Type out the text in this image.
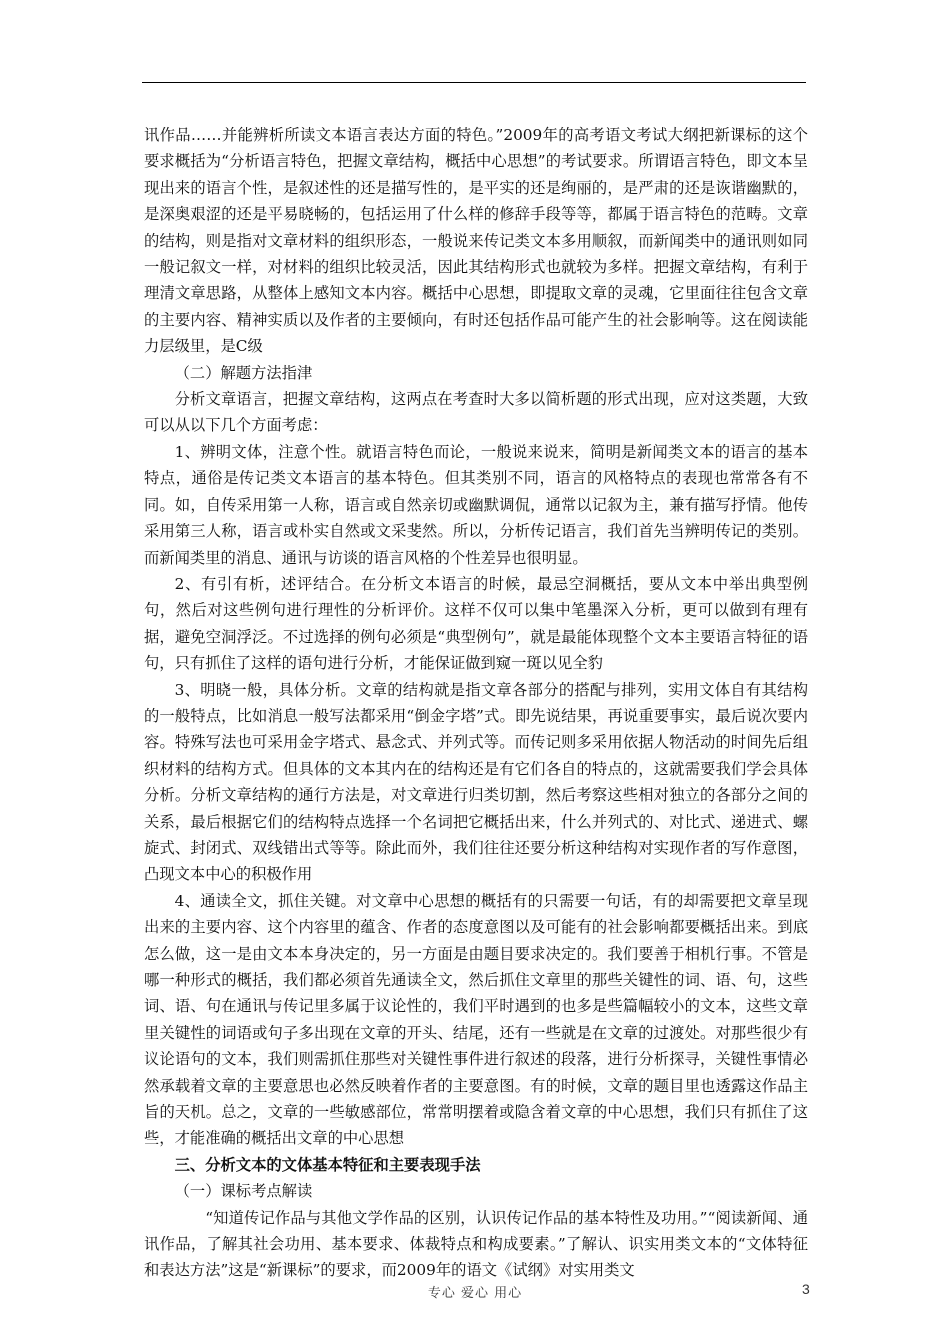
讯作品……并能辨析所读文本语言表达方面的特色。”2009年的高考语文考试大纲把新课标的这个要求概括为“分析语言特色，把握文章结构，概括中心思想”的考试要求。所谓语言特色，即文本呈现出来的语言个性，是叙述性的还是描写性的，是平实的还是绚丽的，是严肃的还是诙谐幽默的，是深奥艰涩的还是平易晓畅的，包括运用了什么样的修辞手段等等，都属于语言特色的范畴。文章的结构，则是指对文章材料的组织形态，一般说来传记类文本多用顺叙，而新闻类中的通讯则如同一般记叙文一样，对材料的组织比较灵活，因此其结构形式也就较为多样。把握文章结构，有利于理清文章思路，从整体上感知文本内容。概括中心思想，即提取文章的灵魂，它里面往往包含文章的主要内容、精神实质以及作者的主要倾向，有时还包括作品可能产生的社会影响等。这在阅读能力层级里，是C级

（二）解题方法指津

分析文章语言，把握文章结构，这两点在考查时大多以简析题的形式出现，应对这类题，大致可以从以下几个方面考虑：

1、辨明文体，注意个性。就语言特色而论，一般说来说来，简明是新闻类文本的语言的基本特点，通俗是传记类文本语言的基本特色。但其类别不同，语言的风格特点的表现也常常各有不同。如，自传采用第一人称，语言或自然亲切或幽默调侃，通常以记叙为主，兼有描写抒情。他传采用第三人称，语言或朴实自然或文采斐然。所以，分析传记语言，我们首先当辨明传记的类别。而新闻类里的消息、通讯与访谈的语言风格的个性差异也很明显。

2、有引有析，述评结合。在分析文本语言的时候，最忌空洞概括，要从文本中举出典型例句，然后对这些例句进行理性的分析评价。这样不仅可以集中笔墨深入分析，更可以做到有理有据，避免空洞浮泛。不过选择的例句必须是“典型例句”，就是最能体现整个文本主要语言特征的语句，只有抓住了这样的语句进行分析，才能保证做到窥一斑以见全豹

3、明晓一般，具体分析。文章的结构就是指文章各部分的搭配与排列，实用文体自有其结构的一般特点，比如消息一般写法都采用“倒金字塔”式。即先说结果，再说重要事实，最后说次要内容。特殊写法也可采用金字塔式、悬念式、并列式等。而传记则多采用依据人物活动的时间先后组织材料的结构方式。但具体的文本其内在的结构还是有它们各自的特点的，这就需要我们学会具体分析。分析文章结构的通行方法是，对文章进行归类切割，然后考察这些相对独立的各部分之间的关系，最后根据它们的结构特点选择一个名词把它概括出来，什么并列式的、对比式、递进式、螺旋式、封闭式、双线错出式等等。除此而外，我们往往还要分析这种结构对实现作者的写作意图，凸现文本中心的积极作用

4、通读全文，抓住关键。对文章中心思想的概括有的只需要一句话，有的却需要把文章呈现出来的主要内容、这个内容里的蕴含、作者的态度意图以及可能有的社会影响都要概括出来。到底怎么做，这一是由文本本身决定的，另一方面是由题目要求决定的。我们要善于相机行事。不管是哪一种形式的概括，我们都必须首先通读全文，然后抓住文章里的那些关键性的词、语、句，这些词、语、句在通讯与传记里多属于议论性的，我们平时遇到的也多是些篇幅较小的文本，这些文章里关键性的词语或句子多出现在文章的开头、结尾，还有一些就是在文章的过渡处。对那些很少有议论语句的文本，我们则需抓住那些对关键性事件进行叙述的段落，进行分析探寻，关键性事情必然承载着文章的主要意思也必然反映着作者的主要意图。有的时候，文章的题目里也透露这作品主旨的天机。总之，文章的一些敏感部位，常常明摆着或隐含着文章的中心思想，我们只有抓住了这些，才能准确的概括出文章的中心思想

三、分析文本的文体基本特征和主要表现手法

（一）课标考点解读

“知道传记作品与其他文学作品的区别，认识传记作品的基本特性及功用。”“阅读新闻、通讯作品，了解其社会功用、基本要求、体裁特点和构成要素。”了解认、识实用类文本的“文体特征和表达方法”这是“新课标”的要求，而2009年的语文《试纲》对实用类文

专心 爱心 用心	3
